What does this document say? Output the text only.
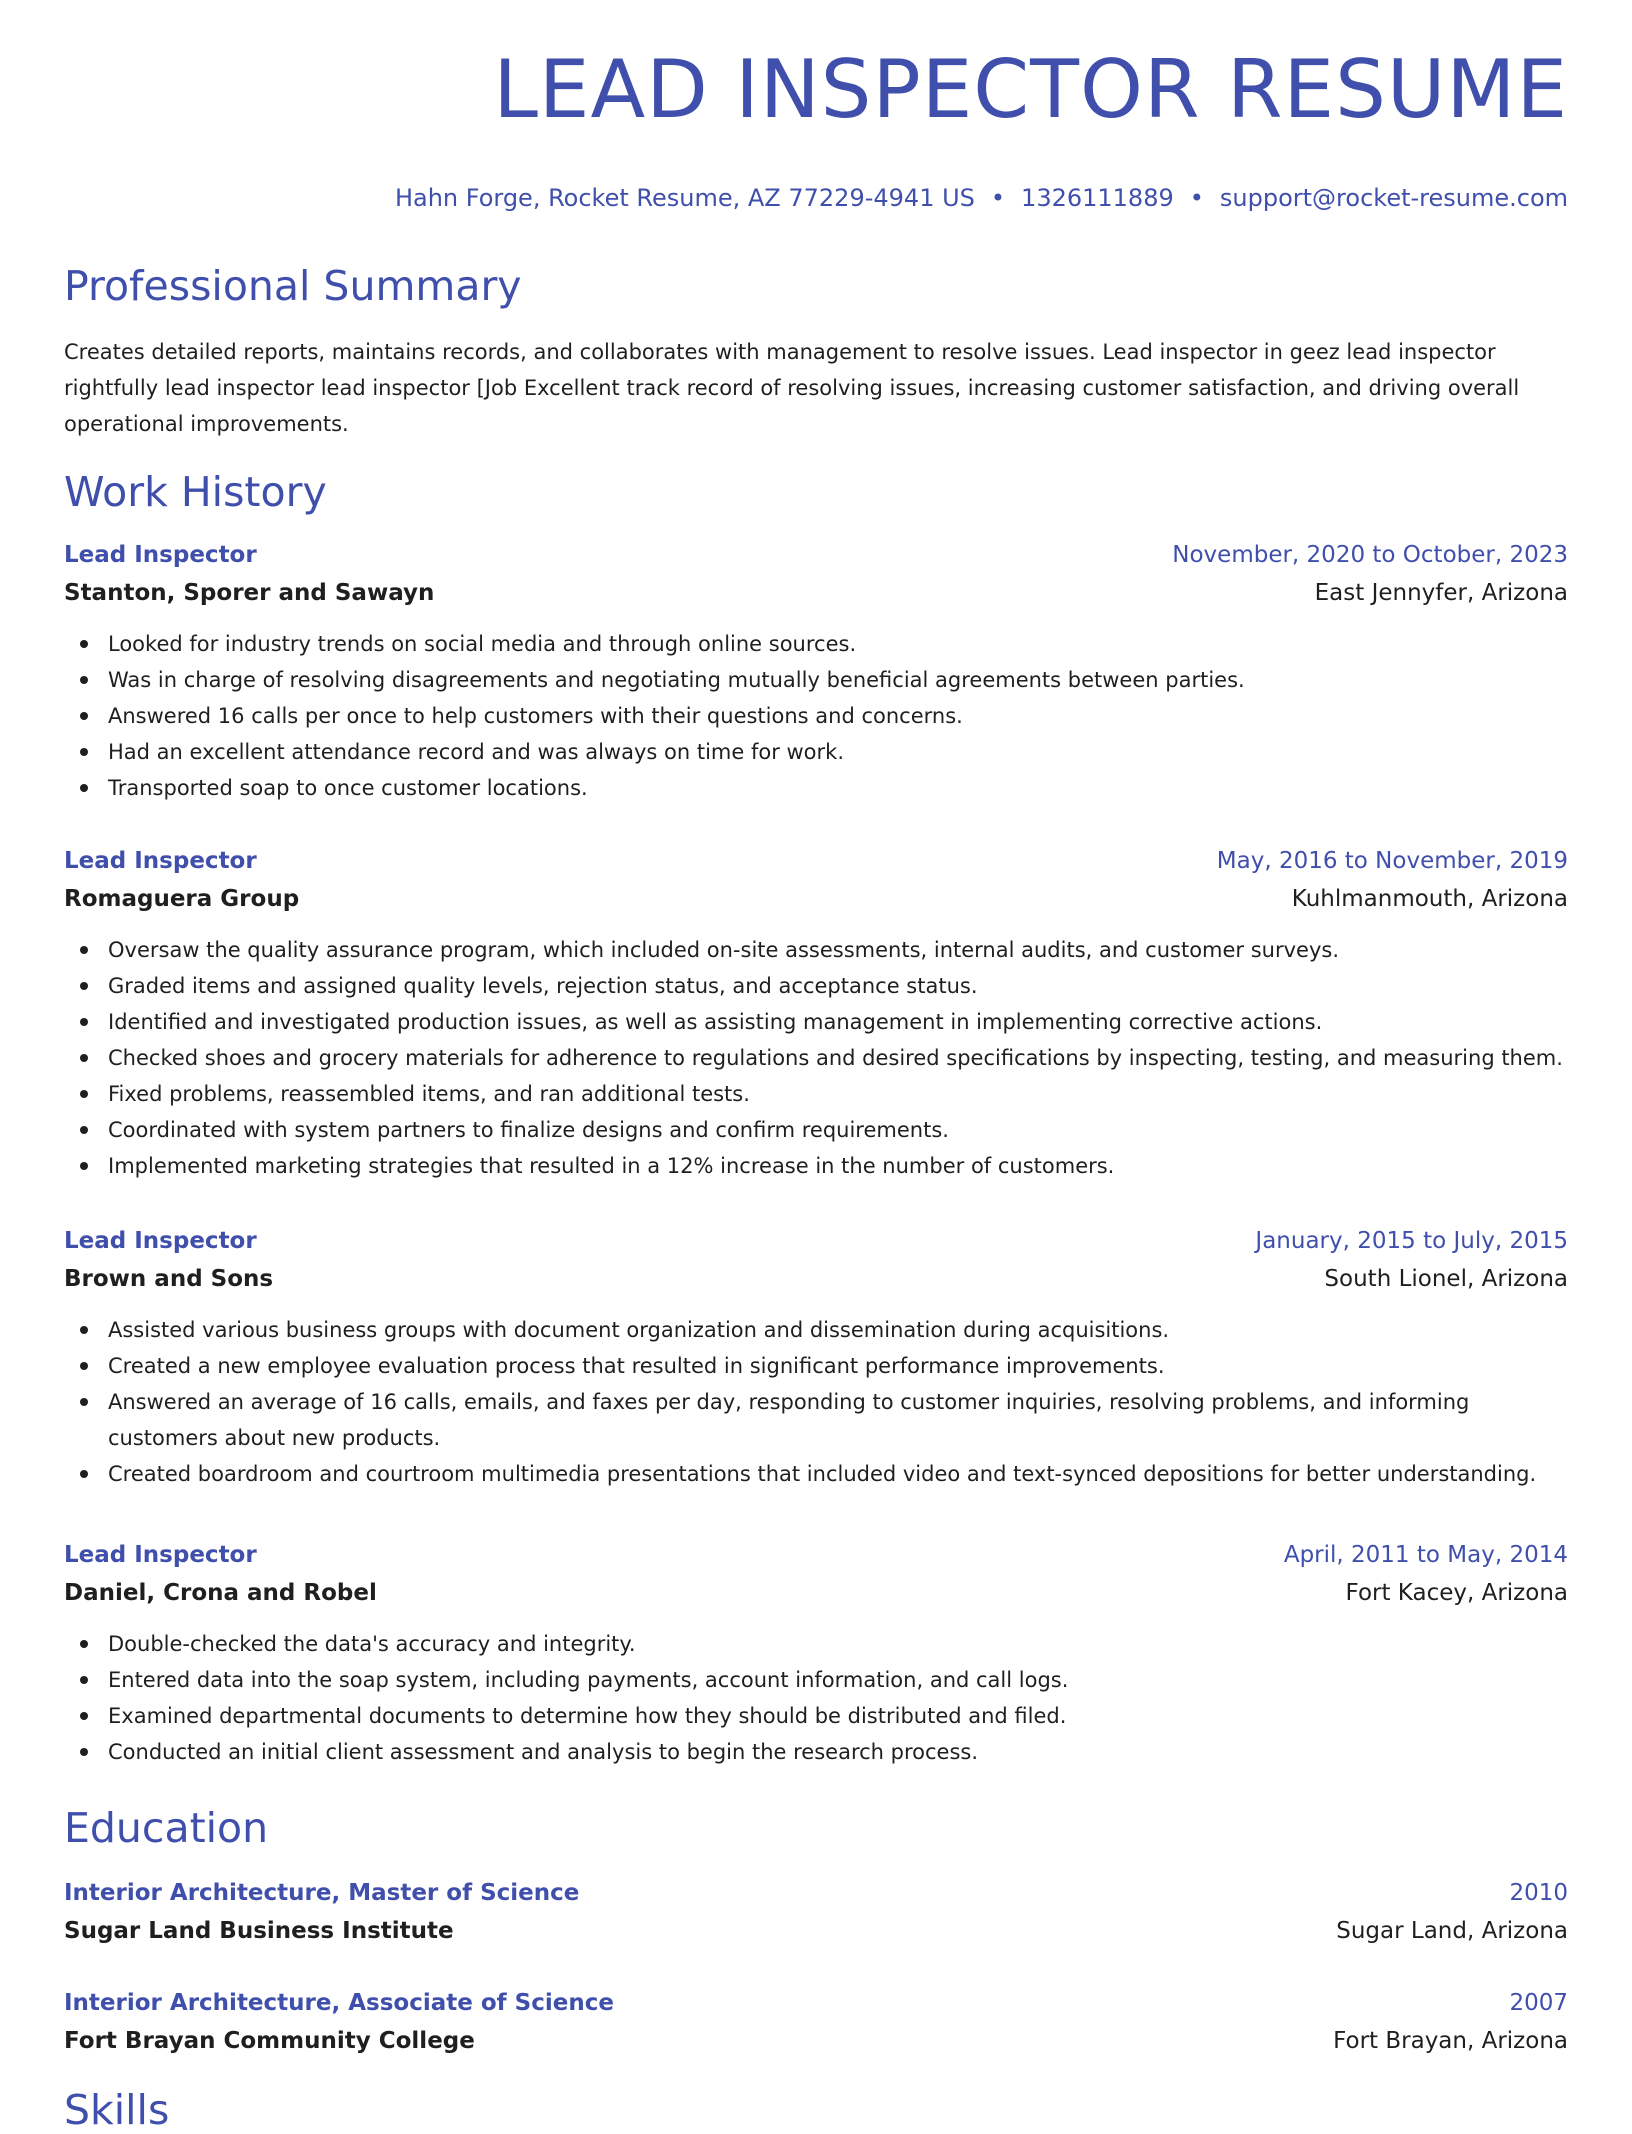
LEAD INSPECTOR RESUME
Hahn Forge, Rocket Resume, AZ 77229-4941 US • 1326111889 • support@rocket-resume.com
Professional Summary

Creates detailed reports, maintains records, and collaborates with management to resolve issues. Lead inspector in geez lead inspector rightfully lead inspector lead inspector [Job Excellent track record of resolving issues, increasing customer satisfaction, and driving overall operational improvements.

Work History
Lead Inspector	November, 2020 to October, 2023
Stanton, Sporer and Sawayn	East Jennyfer, Arizona
Looked for industry trends on social media and through online sources.
Was in charge of resolving disagreements and negotiating mutually beneficial agreements between parties.
Answered 16 calls per once to help customers with their questions and concerns.
Had an excellent attendance record and was always on time for work.
Transported soap to once customer locations.
Lead Inspector	May, 2016 to November, 2019
Romaguera Group	Kuhlmanmouth, Arizona
Oversaw the quality assurance program, which included on-site assessments, internal audits, and customer surveys.
Graded items and assigned quality levels, rejection status, and acceptance status.
Identified and investigated production issues, as well as assisting management in implementing corrective actions.
Checked shoes and grocery materials for adherence to regulations and desired specifications by inspecting, testing, and measuring them.
Fixed problems, reassembled items, and ran additional tests.
Coordinated with system partners to finalize designs and confirm requirements.
Implemented marketing strategies that resulted in a 12% increase in the number of customers.
Lead Inspector	January, 2015 to July, 2015
Brown and Sons	South Lionel, Arizona
Assisted various business groups with document organization and dissemination during acquisitions.
Created a new employee evaluation process that resulted in significant performance improvements.
Answered an average of 16 calls, emails, and faxes per day, responding to customer inquiries, resolving problems, and informing customers about new products.
Created boardroom and courtroom multimedia presentations that included video and text-synced depositions for better understanding.
Lead Inspector	April, 2011 to May, 2014
Daniel, Crona and Robel	Fort Kacey, Arizona
Double-checked the data's accuracy and integrity.
Entered data into the soap system, including payments, account information, and call logs.
Examined departmental documents to determine how they should be distributed and filed.
Conducted an initial client assessment and analysis to begin the research process.
Education
Interior Architecture, Master of Science	2010
Sugar Land Business Institute	Sugar Land, Arizona
Interior Architecture, Associate of Science	2007
Fort Brayan Community College	Fort Brayan, Arizona
Skills
